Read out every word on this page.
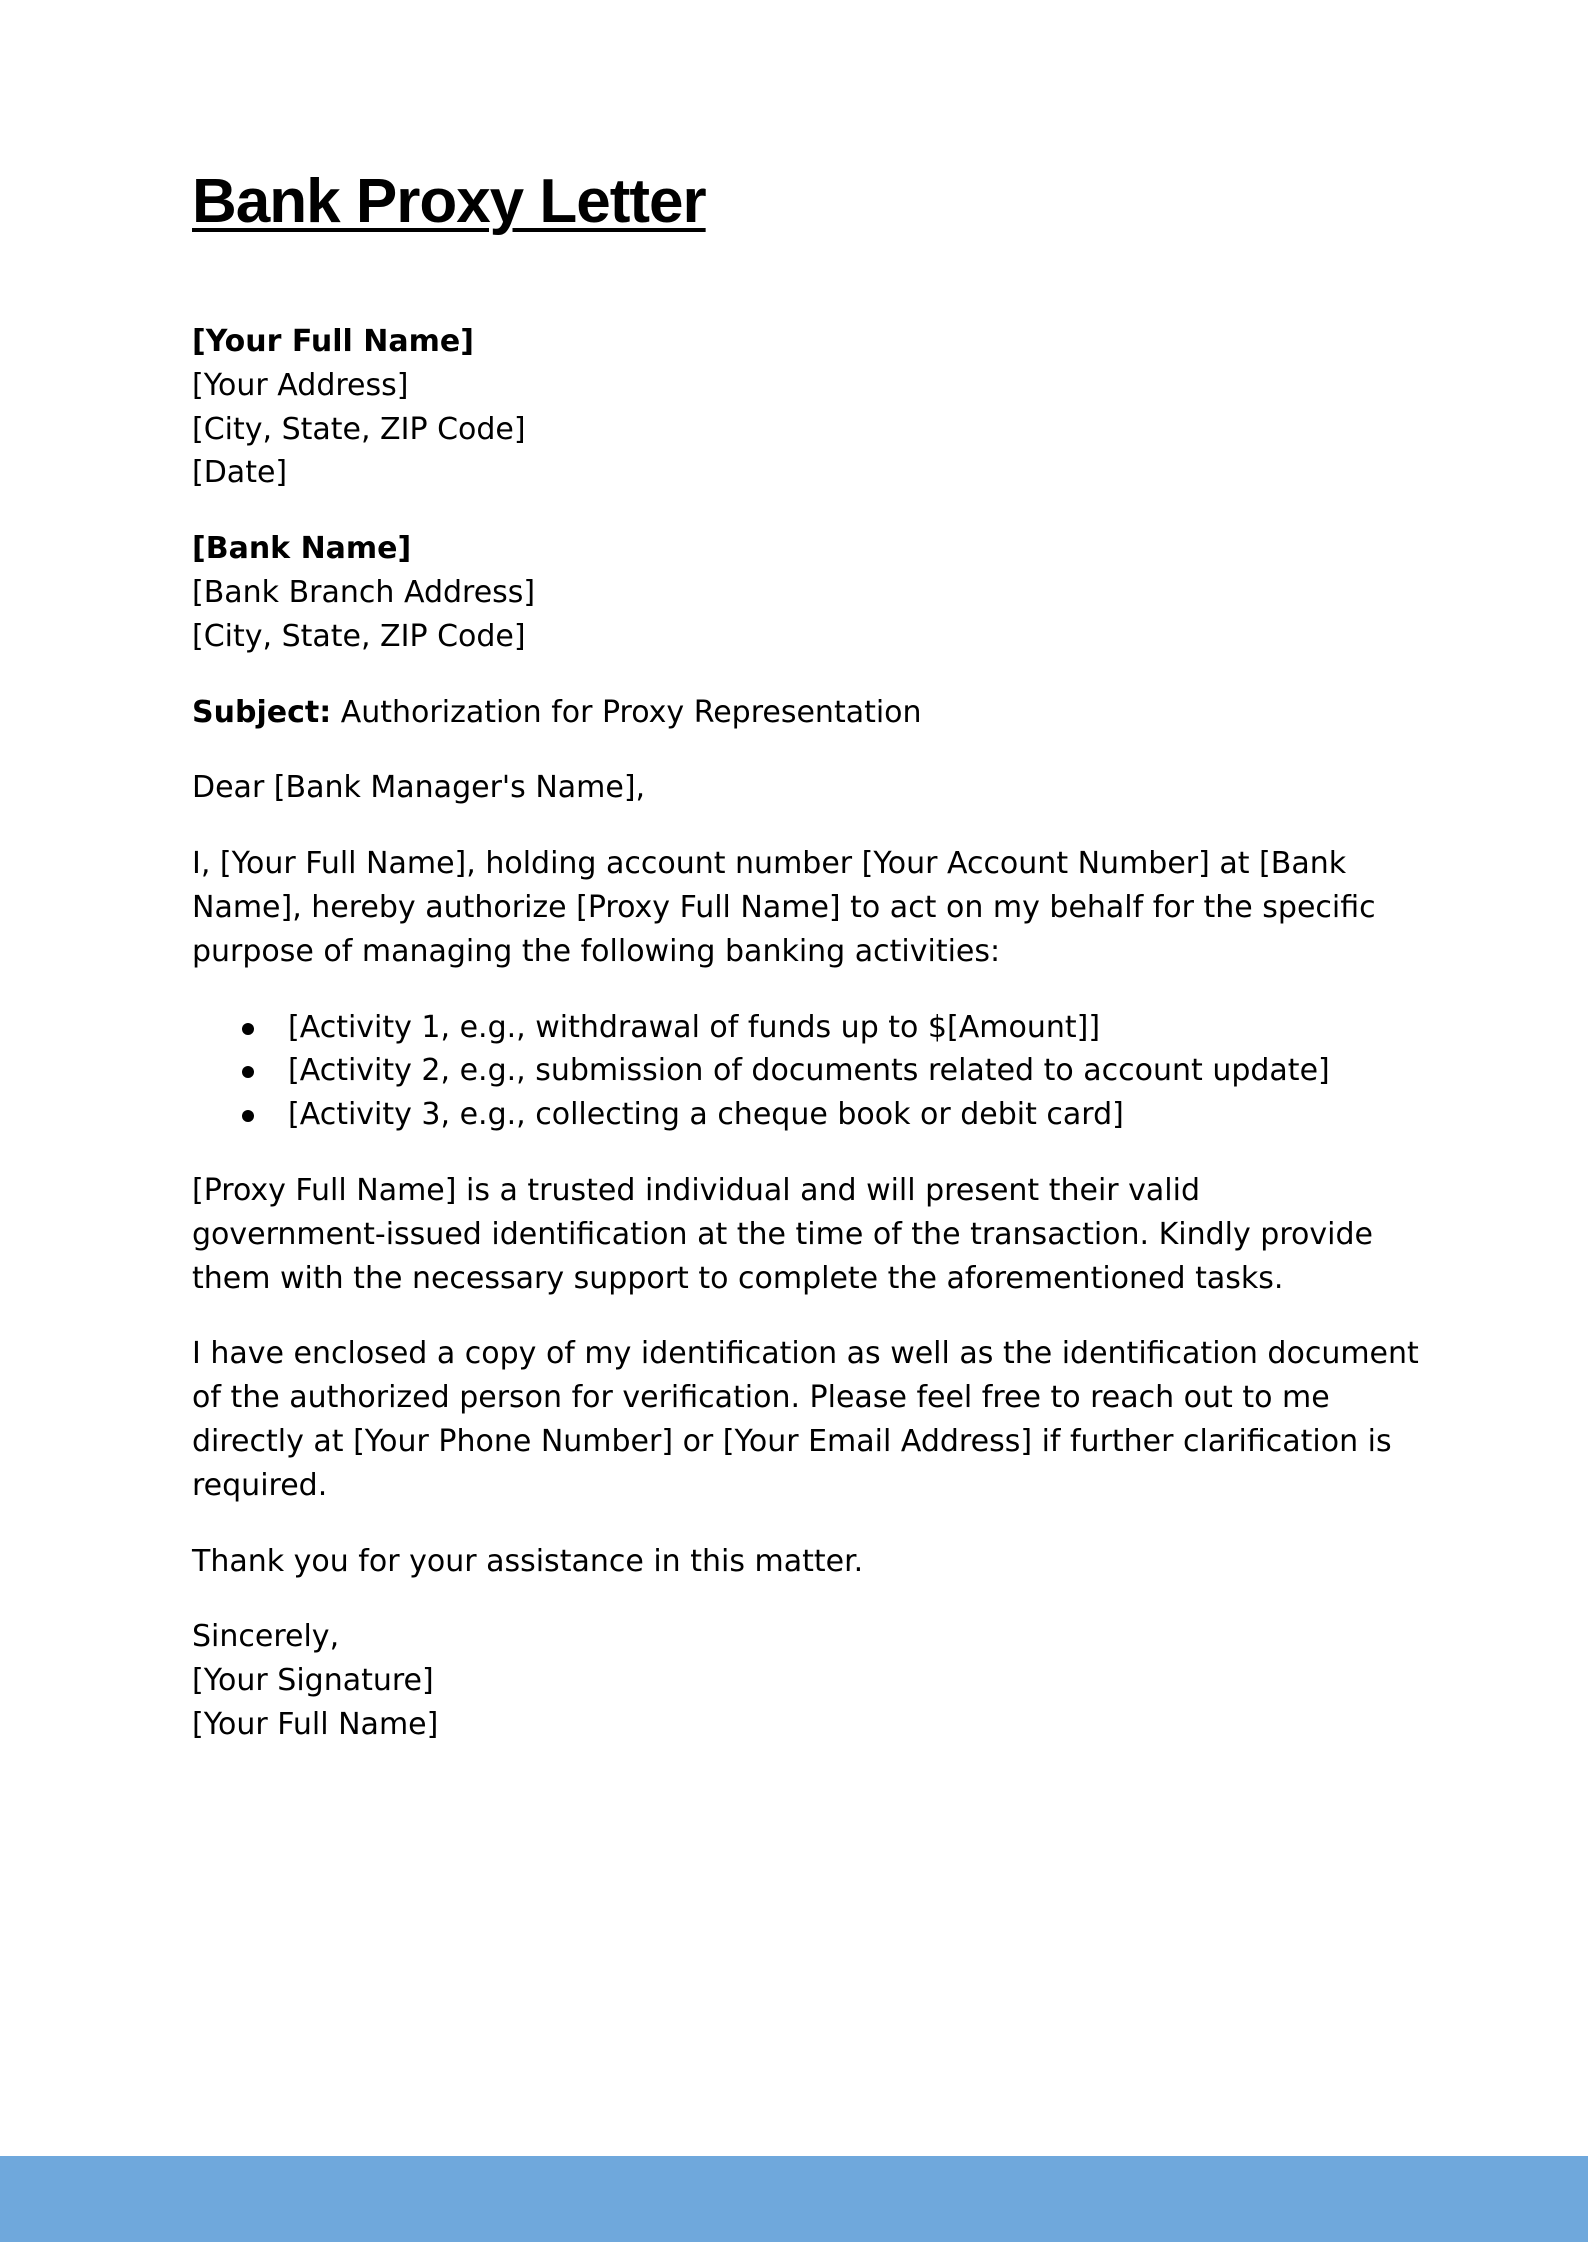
Bank Proxy Letter
[Your Full Name]
[Your Address]
[City, State, ZIP Code]
[Date]
[Bank Name]
[Bank Branch Address]
[City, State, ZIP Code]

Subject: Authorization for Proxy Representation

Dear [Bank Manager's Name],

I, [Your Full Name], holding account number [Your Account Number] at [Bank
Name], hereby authorize [Proxy Full Name] to act on my behalf for the specific
purpose of managing the following banking activities:

[Activity 1, e.g., withdrawal of funds up to $[Amount]]
[Activity 2, e.g., submission of documents related to account update]
[Activity 3, e.g., collecting a cheque book or debit card]

[Proxy Full Name] is a trusted individual and will present their valid
government-issued identification at the time of the transaction. Kindly provide
them with the necessary support to complete the aforementioned tasks.

I have enclosed a copy of my identification as well as the identification document
of the authorized person for verification. Please feel free to reach out to me
directly at [Your Phone Number] or [Your Email Address] if further clarification is
required.

Thank you for your assistance in this matter.

Sincerely,
[Your Signature]
[Your Full Name]
